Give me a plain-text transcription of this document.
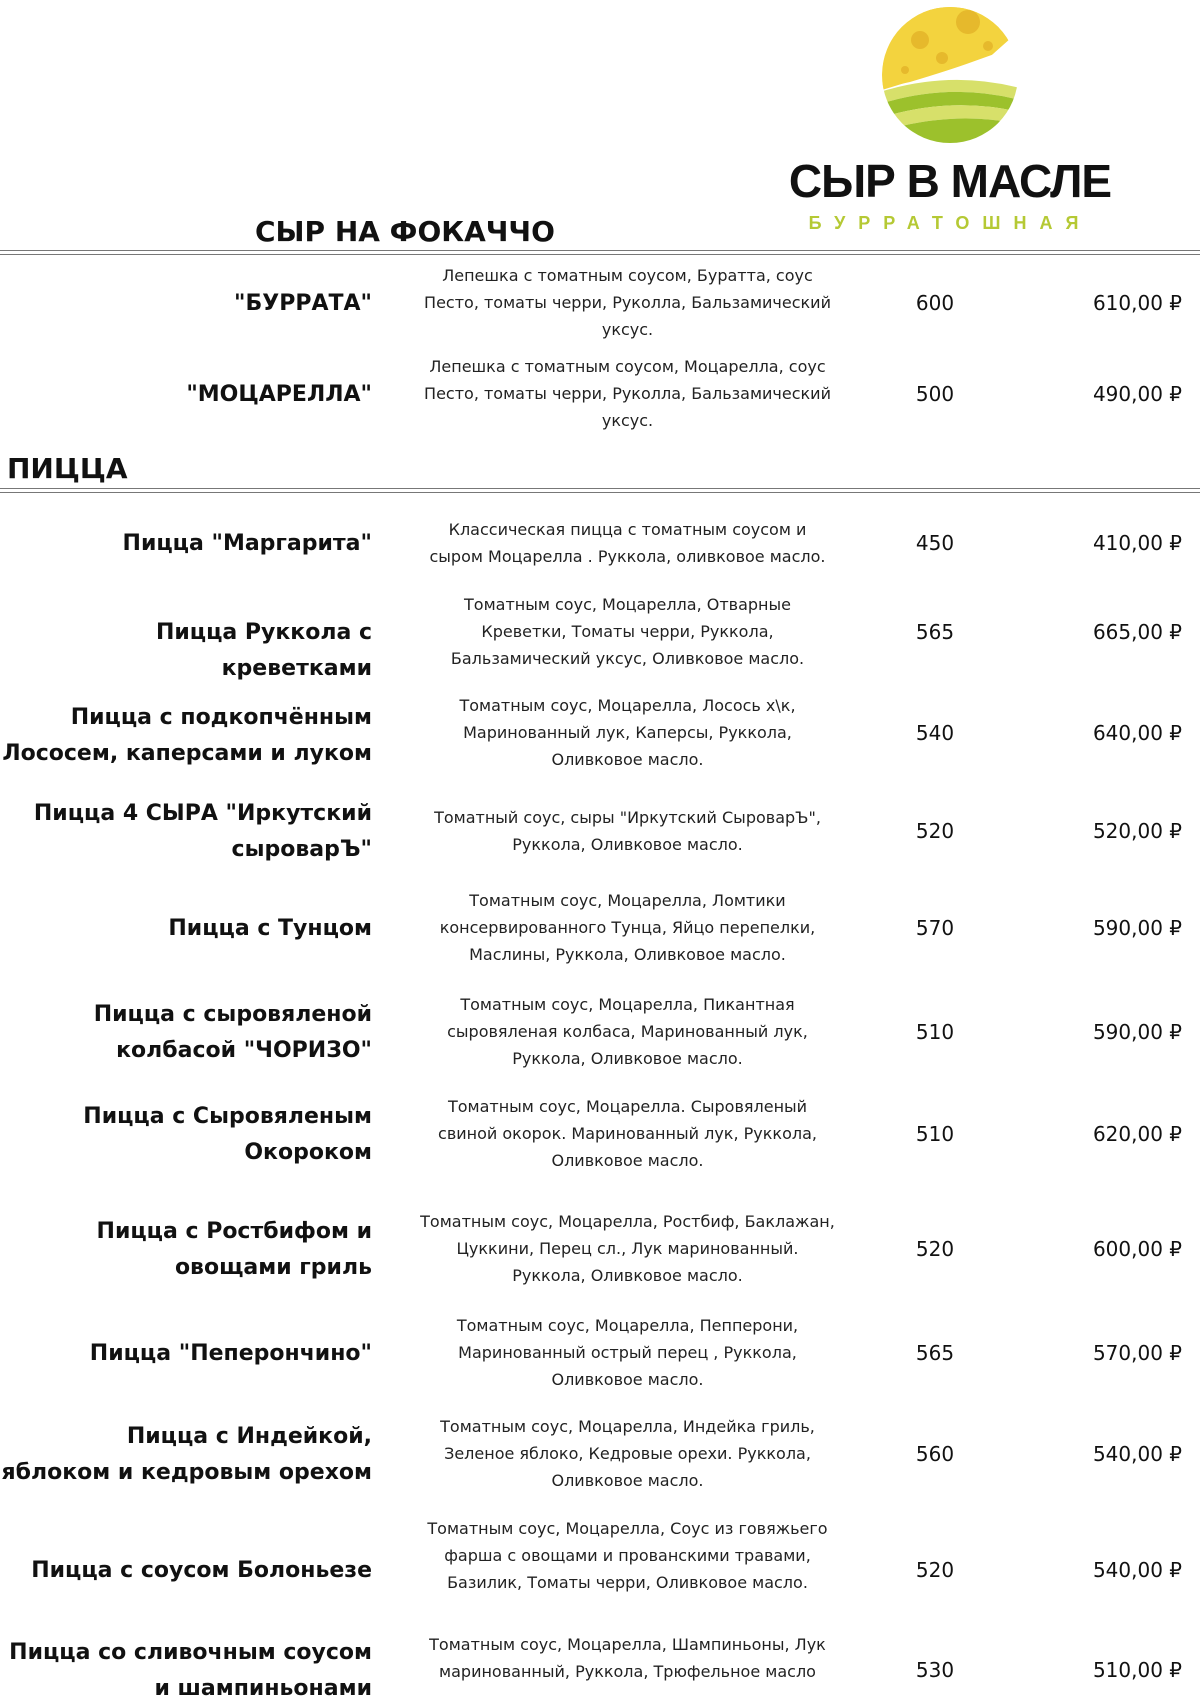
СЫР В МАСЛЕ
БУРРАТОШНАЯ
СЫР НА ФОКАЧЧО
"БУРРАТА"
Лепешка с томатным соусом, Буратта, соус Песто, томаты черри, Руколла, Бальзамический уксус.
600	610,00 ₽
"МОЦАРЕЛЛА"
Лепешка с томатным соусом, Моцарелла, соус Песто, томаты черри, Руколла, Бальзамический уксус.
500	490,00 ₽
ПИЦЦА
Пицца "Маргарита"
Классическая пицца с томатным соусом и сыром Моцарелла . Руккола, оливковое масло.
450	410,00 ₽
Пицца Руккола с креветками
Томатным соус, Моцарелла, Отварные Креветки, Томаты черри, Руккола, Бальзамический уксус, Оливковое масло.
565	665,00 ₽
Пицца с подкопчённым
Лососем, каперсами и луком
Томатным соус, Моцарелла, Лосось х\к, Маринованный лук, Каперсы, Руккола, Оливковое масло.
540	640,00 ₽
Пицца 4 СЫРА "Иркутский
сыроварЪ"
Томатный соус, сыры "Иркутский СыроварЪ", Руккола, Оливковое масло.
520	520,00 ₽
Пицца с Тунцом
Томатным соус, Моцарелла, Ломтики консервированного Тунца, Яйцо перепелки, Маслины, Руккола, Оливковое масло.
570	590,00 ₽
Пицца с сыровяленой
колбасой "ЧОРИЗО"
Томатным соус, Моцарелла, Пикантная сыровяленая колбаса, Маринованный лук, Руккола, Оливковое масло.
510	590,00 ₽
Пицца с Сыровяленым
Окороком
Томатным соус, Моцарелла. Сыровяленый свиной окорок. Маринованный лук, Руккола, Оливковое масло.
510	620,00 ₽
Пицца с Ростбифом и
овощами гриль
Томатным соус, Моцарелла, Ростбиф, Баклажан, Цуккини, Перец сл., Лук маринованный. Руккола, Оливковое масло.
520	600,00 ₽
Пицца "Пеперончино"
Томатным соус, Моцарелла, Пепперони, Маринованный острый перец , Руккола, Оливковое масло.
565	570,00 ₽
Пицца с Индейкой,
яблоком и кедровым орехом
Томатным соус, Моцарелла, Индейка гриль, Зеленое яблоко, Кедровые орехи. Руккола, Оливковое масло.
560	540,00 ₽
Пицца с соусом Болоньезе
Томатным соус, Моцарелла, Соус из говяжьего фарша с овощами и прованскими травами, Базилик, Томаты черри, Оливковое масло.
520	540,00 ₽
Пицца со сливочным соусом
и шампиньонами
Томатным соус, Моцарелла, Шампиньоны, Лук маринованный, Руккола, Трюфельное масло	530	510,00 ₽
